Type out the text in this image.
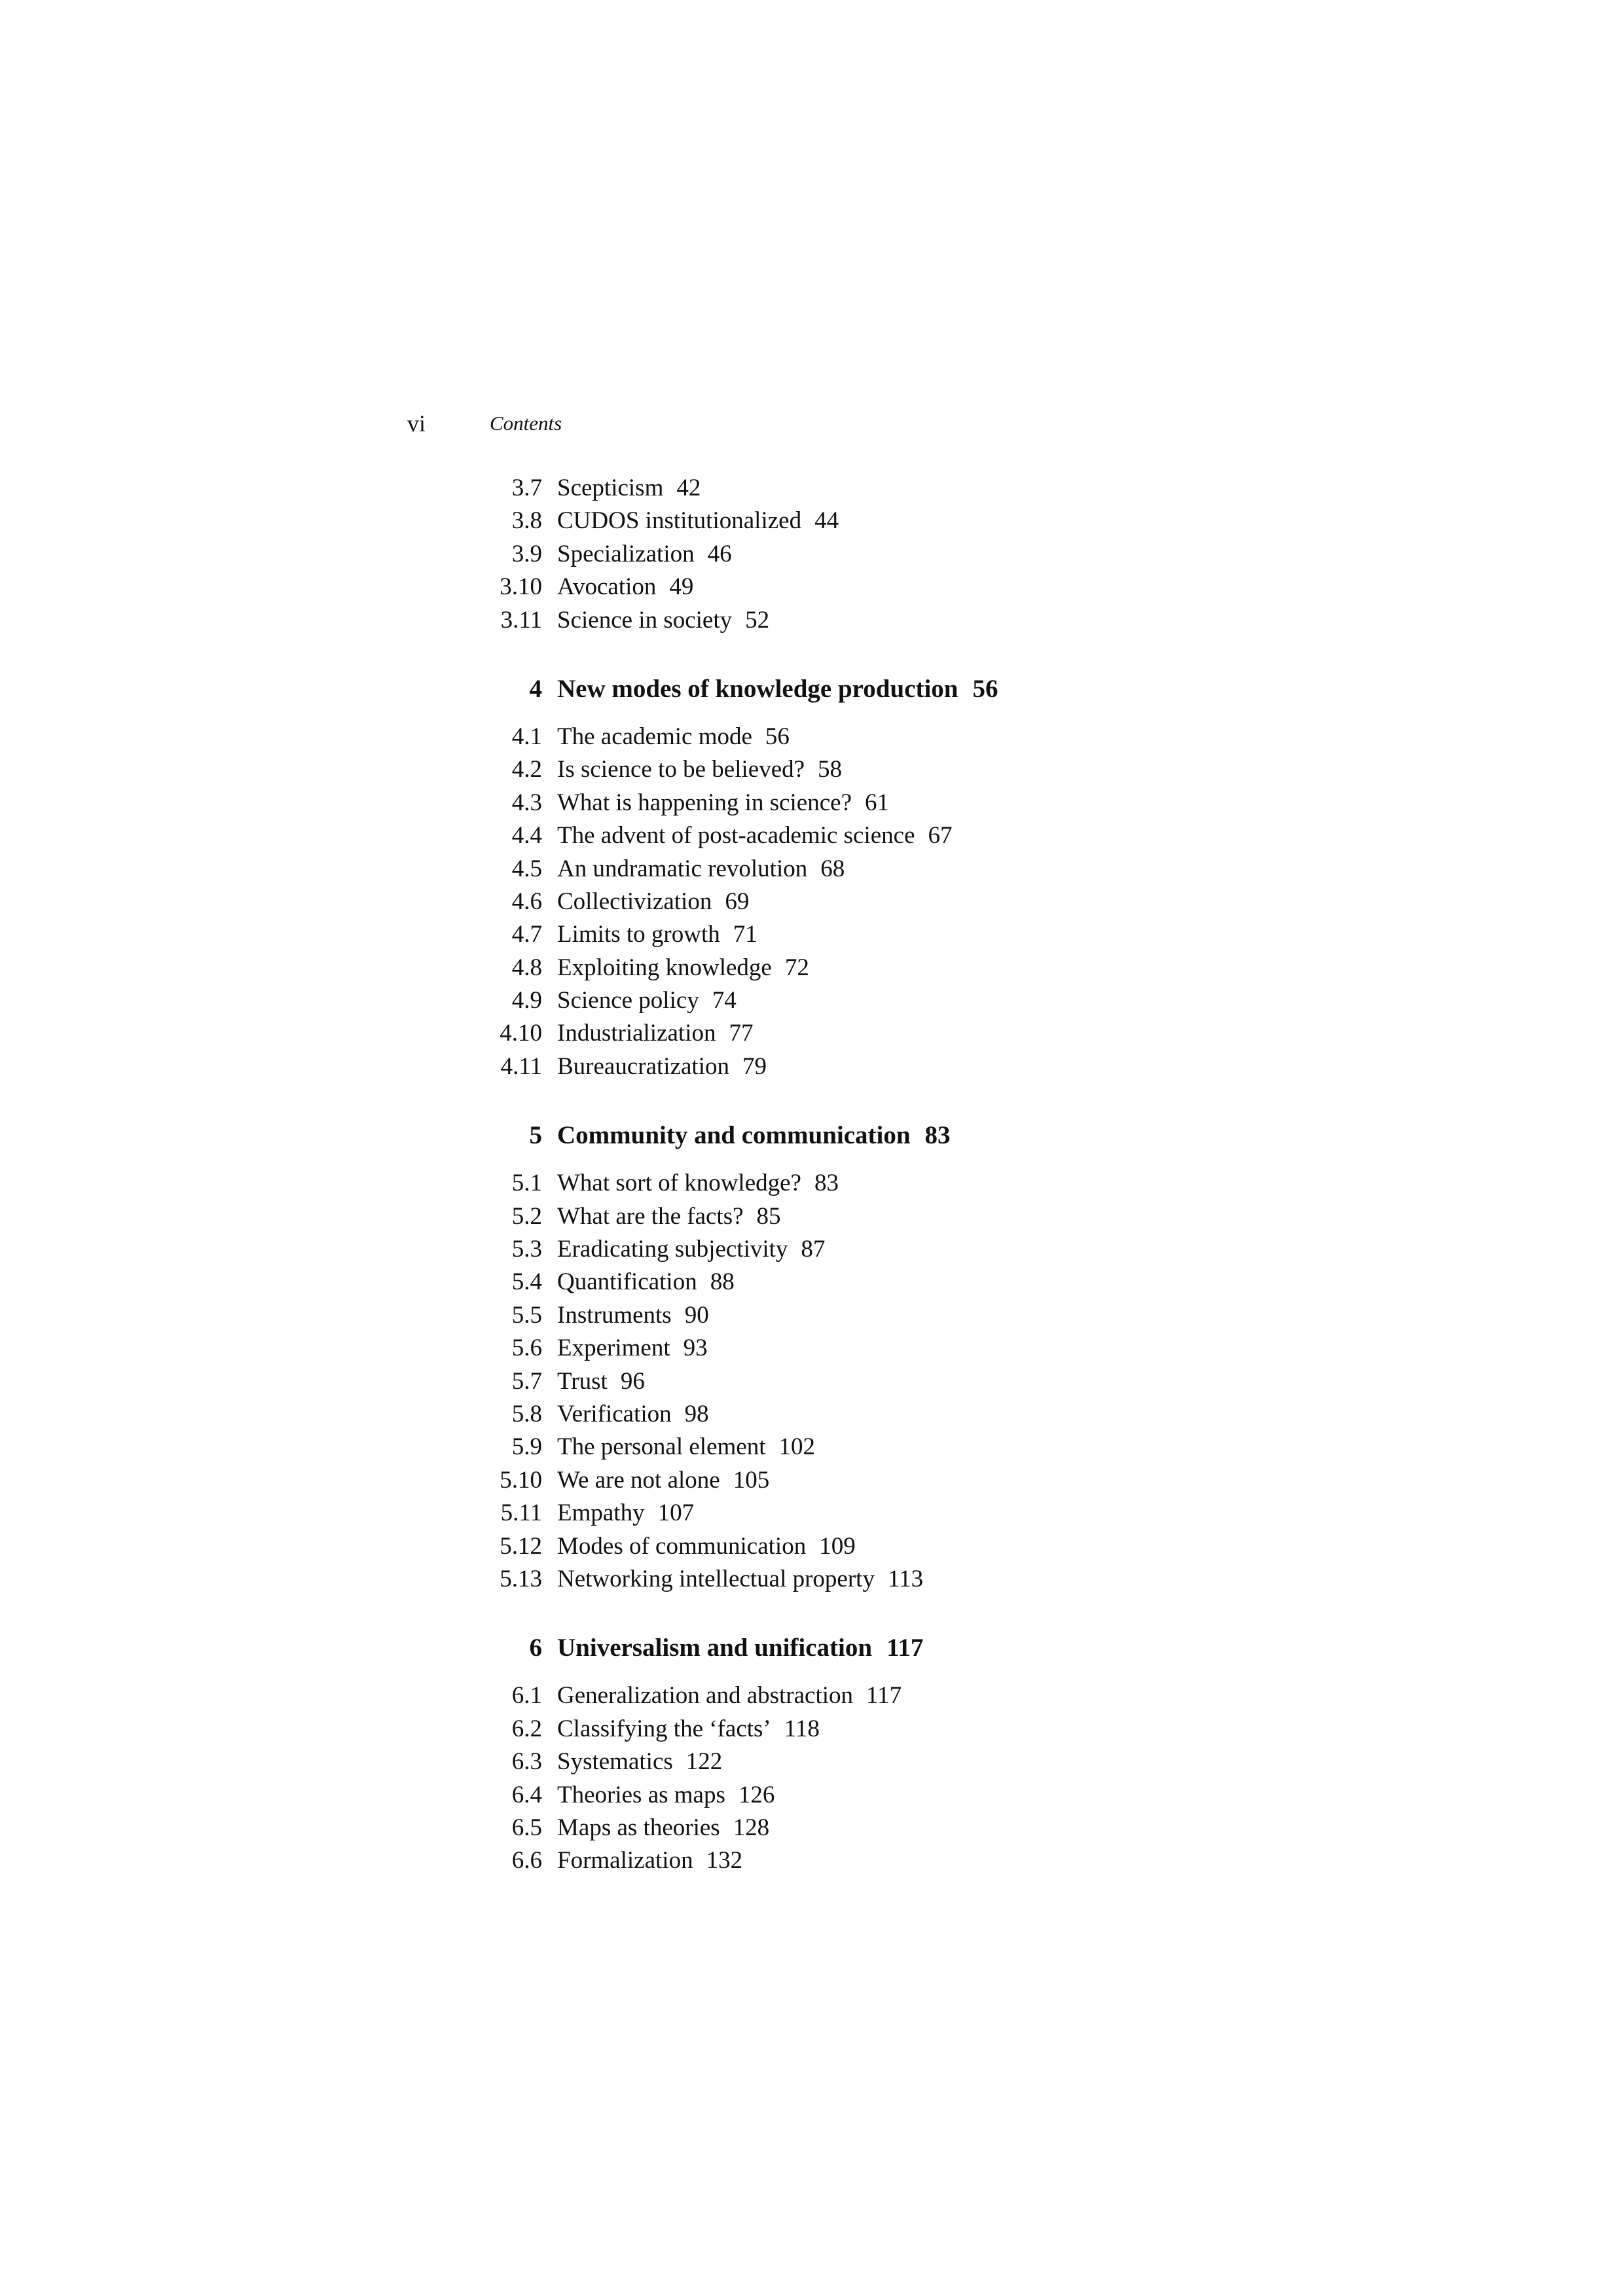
vi	Contents
3.7 Scepticism 42
3.8 CUDOS institutionalized 44
3.9 Specialization 46
3.10 Avocation 49
3.11 Science in society 52
4 New modes of knowledge production 56
4.1 The academic mode 56
4.2 Is science to be believed? 58
4.3 What is happening in science? 61
4.4 The advent of post-academic science 67
4.5 An undramatic revolution 68
4.6 Collectivization 69
4.7 Limits to growth 71
4.8 Exploiting knowledge 72
4.9 Science policy 74
4.10 Industrialization 77
4.11 Bureaucratization 79
5 Community and communication 83
5.1 What sort of knowledge? 83
5.2 What are the facts? 85
5.3 Eradicating subjectivity 87
5.4 Quantification 88
5.5 Instruments 90
5.6 Experiment 93
5.7 Trust 96
5.8 Verification 98
5.9 The personal element 102
5.10 We are not alone 105
5.11 Empathy 107
5.12 Modes of communication 109
5.13 Networking intellectual property 113
6 Universalism and unification 117
6.1 Generalization and abstraction 117
6.2 Classifying the ‘facts’ 118
6.3 Systematics 122
6.4 Theories as maps 126
6.5 Maps as theories 128
6.6 Formalization 132
